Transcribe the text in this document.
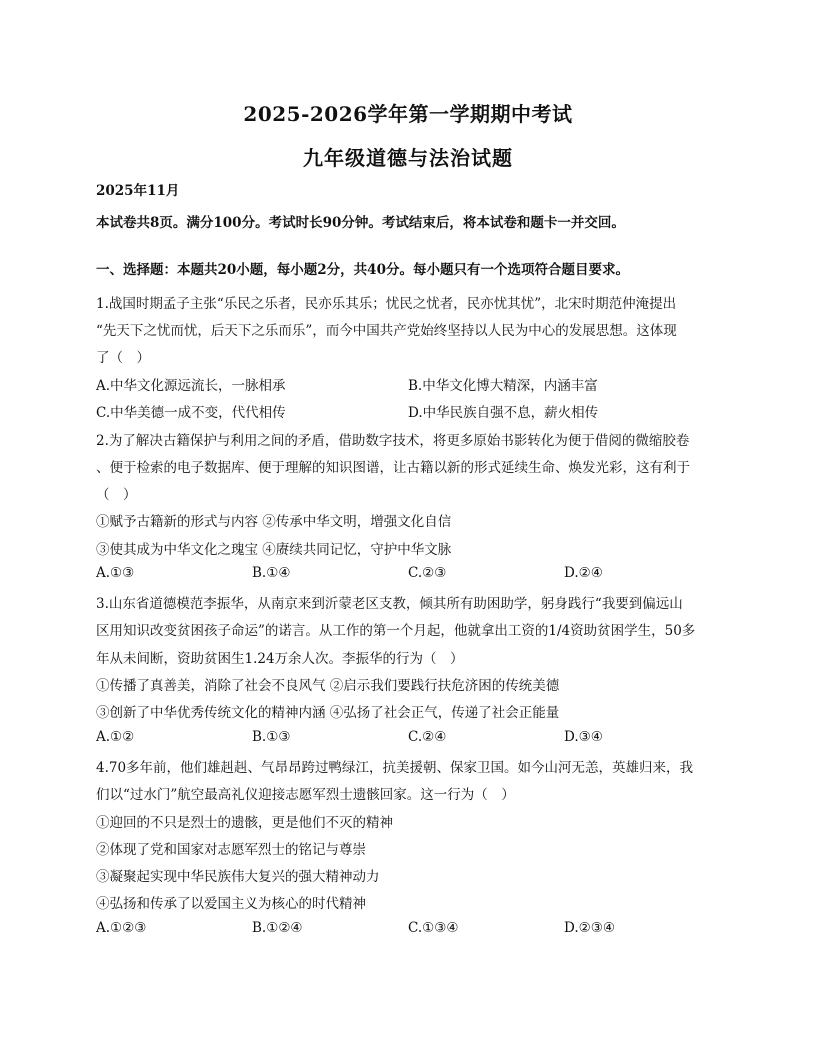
2025-2026学年第一学期期中考试
九年级道德与法治试题
2025年11月
本试卷共8页。满分100分。考试时长90分钟。考试结束后，将本试卷和题卡一并交回。
一、选择题：本题共20小题，每小题2分，共40分。每小题只有一个选项符合题目要求。
1.战国时期孟子主张“乐民之乐者，民亦乐其乐；忧民之忧者，民亦忧其忧”，北宋时期范仲淹提出
“先天下之忧而忧，后天下之乐而乐”，而今中国共产党始终坚持以人民为中心的发展思想。这体现
了（　）
A.中华文化源远流长，一脉相承	B.中华文化博大精深，内涵丰富
C.中华美德一成不变，代代相传	D.中华民族自强不息，薪火相传
2.为了解决古籍保护与利用之间的矛盾，借助数字技术，将更多原始书影转化为便于借阅的微缩胶卷
、便于检索的电子数据库、便于理解的知识图谱，让古籍以新的形式延续生命、焕发光彩，这有利于
（　）
①赋予古籍新的形式与内容 ②传承中华文明，增强文化自信
③使其成为中华文化之瑰宝 ④赓续共同记忆，守护中华文脉
A.①③	B.①④	C.②③	D.②④
3.山东省道德模范李振华，从南京来到沂蒙老区支教，倾其所有助困助学，躬身践行“我要到偏远山
区用知识改变贫困孩子命运”的诺言。从工作的第一个月起，他就拿出工资的1/4资助贫困学生，50多
年从未间断，资助贫困生1.24万余人次。李振华的行为（　）
①传播了真善美，消除了社会不良风气 ②启示我们要践行扶危济困的传统美德
③创新了中华优秀传统文化的精神内涵 ④弘扬了社会正气，传递了社会正能量
A.①②	B.①③	C.②④	D.③④
4.70多年前，他们雄赳赳、气昂昂跨过鸭绿江，抗美援朝、保家卫国。如今山河无恙，英雄归来，我
们以“过水门”航空最高礼仪迎接志愿军烈士遗骸回家。这一行为（　）
①迎回的不只是烈士的遗骸，更是他们不灭的精神
②体现了党和国家对志愿军烈士的铭记与尊崇
③凝聚起实现中华民族伟大复兴的强大精神动力
④弘扬和传承了以爱国主义为核心的时代精神
A.①②③	B.①②④	C.①③④	D.②③④
